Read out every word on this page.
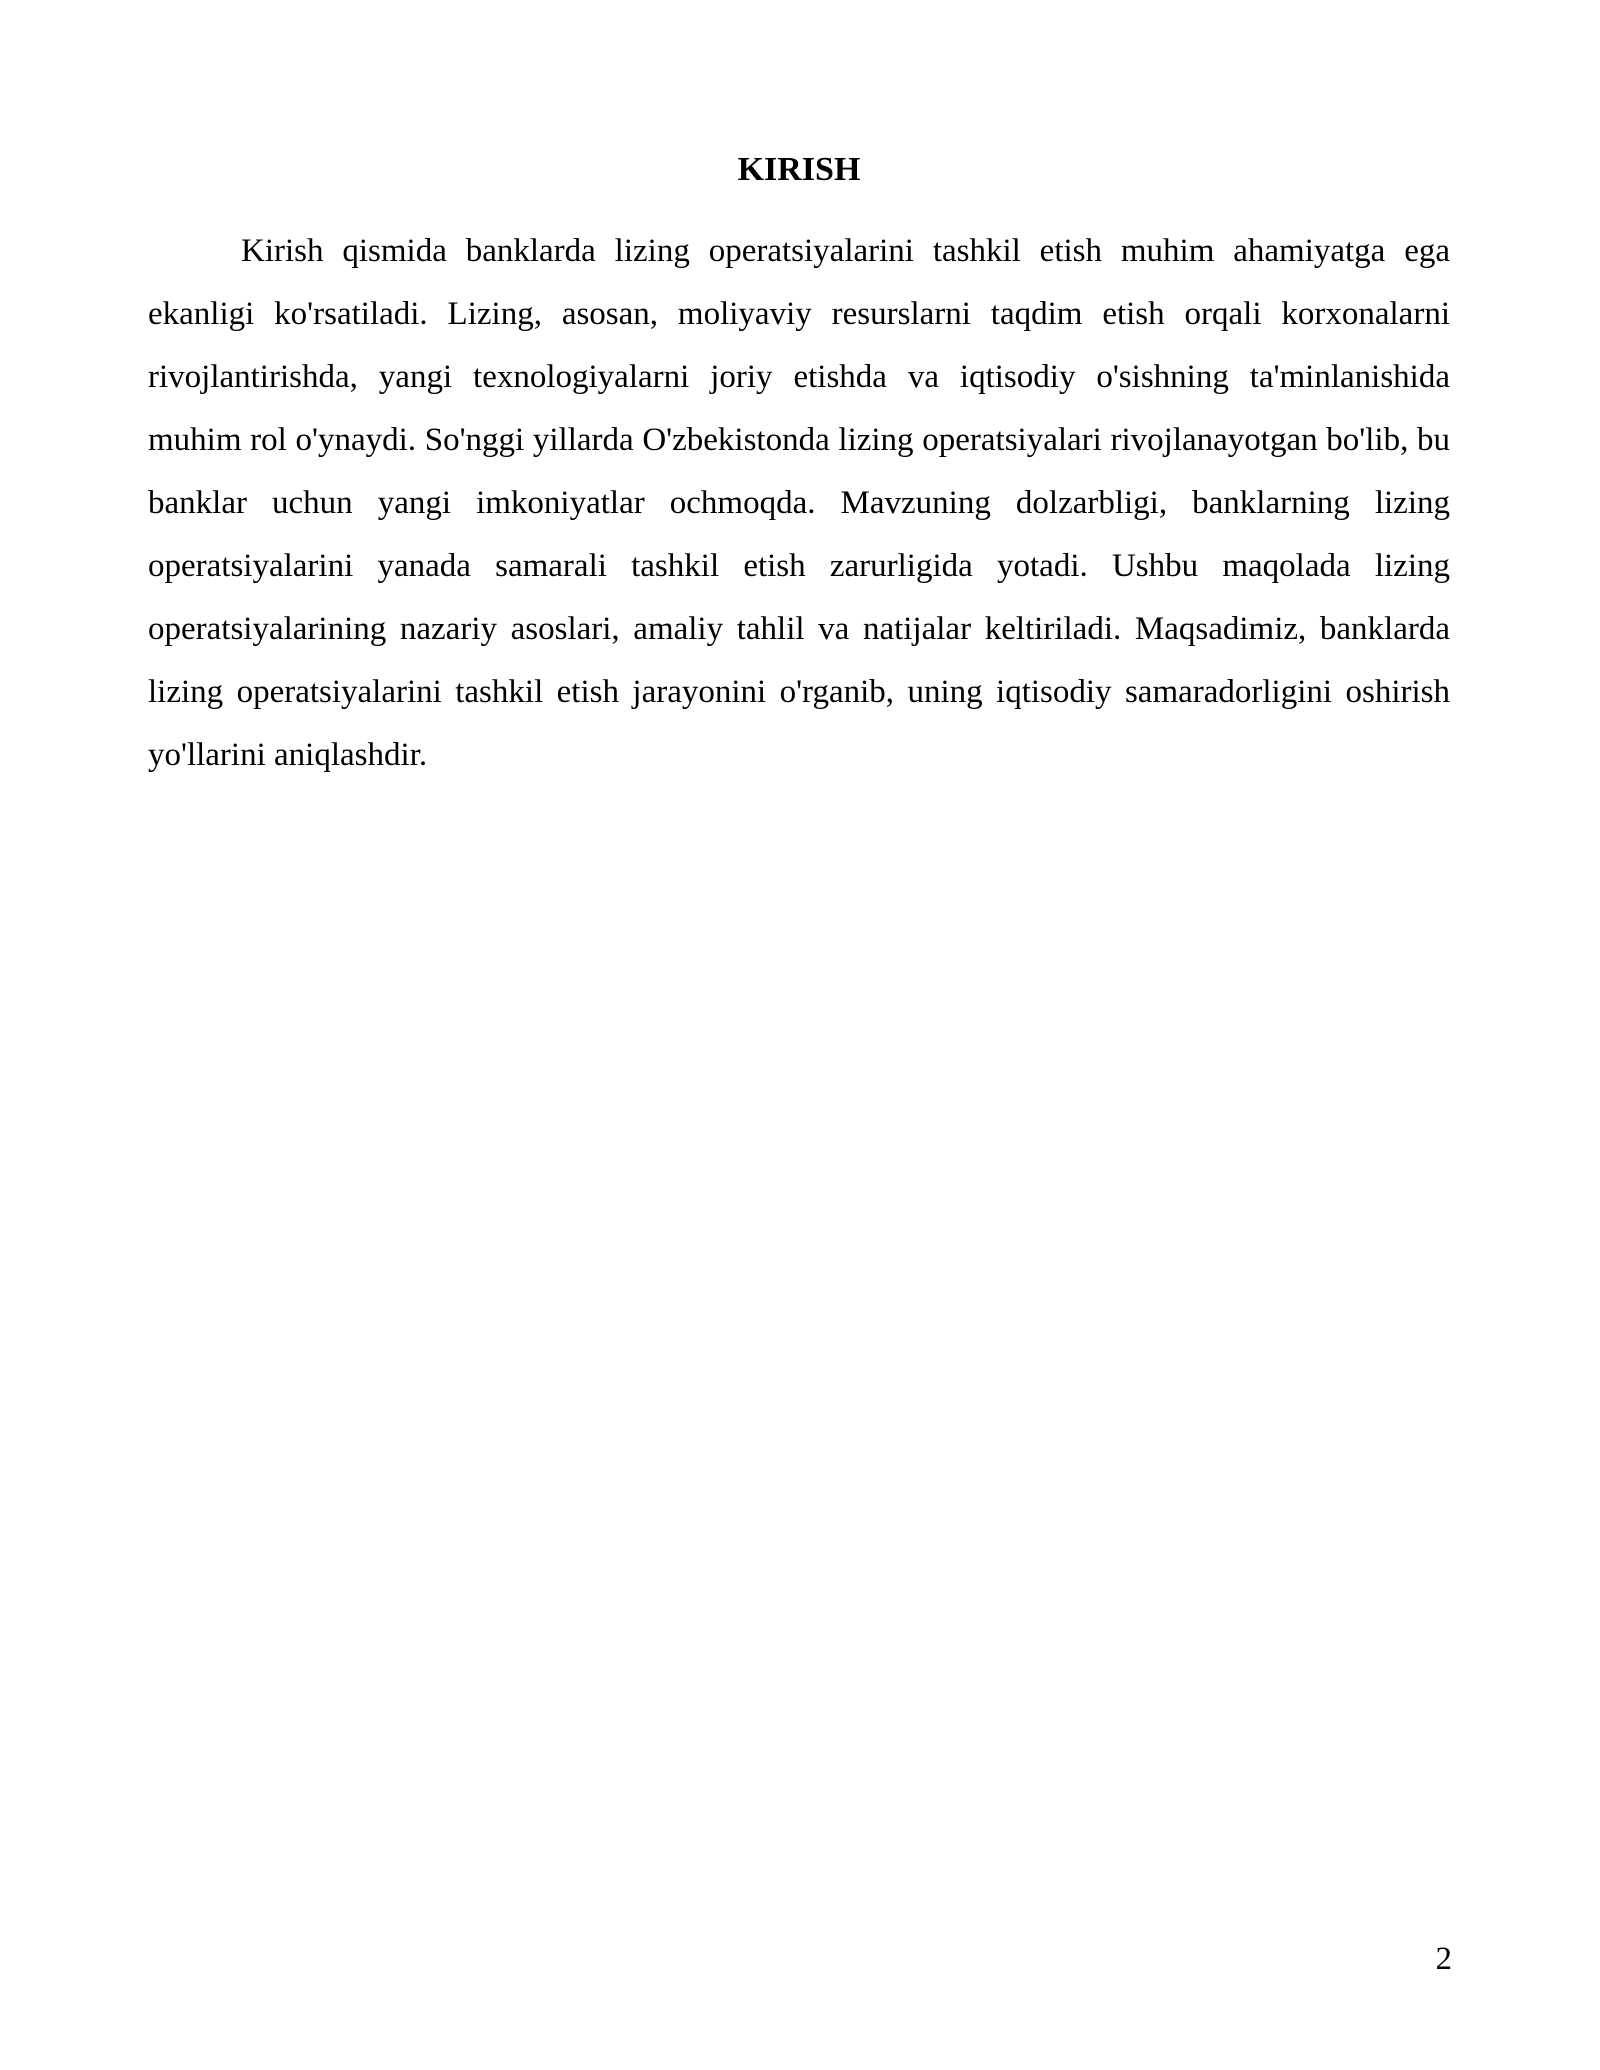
KIRISH

Kirish qismida banklarda lizing operatsiyalarini tashkil etish muhim ahamiyatga ega ekanligi ko'rsatiladi. Lizing, asosan, moliyaviy resurslarni taqdim etish orqali korxonalarni rivojlantirishda, yangi texnologiyalarni joriy etishda va iqtisodiy o'sishning ta'minlanishida muhim rol o'ynaydi. So'nggi yillarda O'zbekistonda lizing operatsiyalari rivojlanayotgan bo'lib, bu banklar uchun yangi imkoniyatlar ochmoqda. Mavzuning dolzarbligi, banklarning lizing operatsiyalarini yanada samarali tashkil etish zarurligida yotadi. Ushbu maqolada lizing operatsiyalarining nazariy asoslari, amaliy tahlil va natijalar keltiriladi. Maqsadimiz, banklarda lizing operatsiyalarini tashkil etish jarayonini o'rganib, uning iqtisodiy samaradorligini oshirish yo'llarini aniqlashdir.

2
